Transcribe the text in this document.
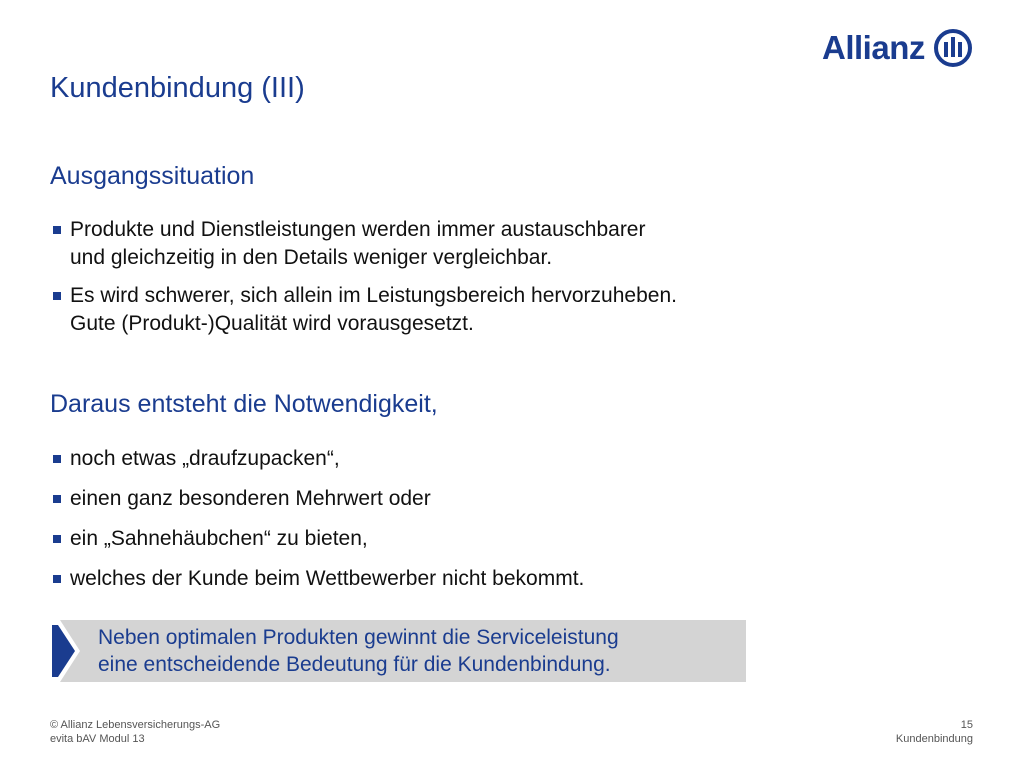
Allianz
Kundenbindung (III)
Ausgangssituation
Produkte und Dienstleistungen werden immer austauschbarer
und gleichzeitig in den Details weniger vergleichbar.
Es wird schwerer, sich allein im Leistungsbereich hervorzuheben.
Gute (Produkt-)Qualität wird vorausgesetzt.
Daraus entsteht die Notwendigkeit,
noch etwas „draufzupacken“,
einen ganz besonderen Mehrwert oder
ein „Sahnehäubchen“ zu bieten,
welches der Kunde beim Wettbewerber nicht bekommt.
Neben optimalen Produkten gewinnt die Serviceleistung
eine entscheidende Bedeutung für die Kundenbindung.
© Allianz Lebensversicherungs-AG
evita bAV Modul 13
15
Kundenbindung
